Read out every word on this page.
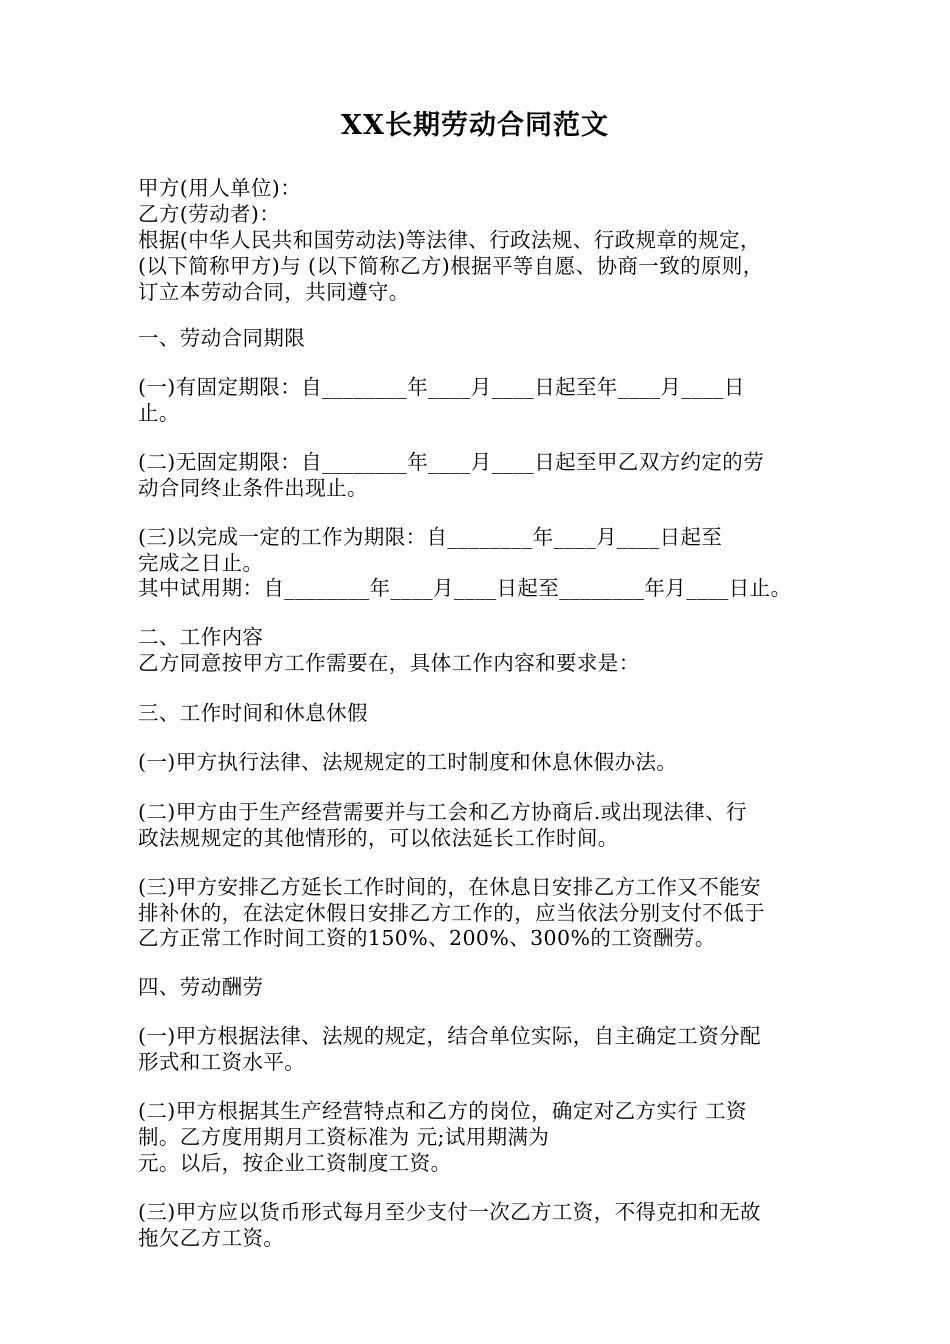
XX长期劳动合同范文
甲方(用人单位)：
乙方(劳动者)：
根据(中华人民共和国劳动法)等法律、行政法规、行政规章的规定，
(以下简称甲方)与 (以下简称乙方)根据平等自愿、协商一致的原则，
订立本劳动合同，共同遵守。
一、劳动合同期限
(一)有固定期限：自________年____月____日起至年____月____日
止。
(二)无固定期限：自________年____月____日起至甲乙双方约定的劳
动合同终止条件出现止。
(三)以完成一定的工作为期限：自________年____月____日起至
完成之日止。
其中试用期：自________年____月____日起至________年月____日止。
二、工作内容
乙方同意按甲方工作需要在，具体工作内容和要求是：
三、工作时间和休息休假
(一)甲方执行法律、法规规定的工时制度和休息休假办法。
(二)甲方由于生产经营需要并与工会和乙方协商后.或出现法律、行
政法规规定的其他情形的，可以依法延长工作时间。
(三)甲方安排乙方延长工作时间的，在休息日安排乙方工作又不能安
排补休的，在法定休假日安排乙方工作的，应当依法分别支付不低于
乙方正常工作时间工资的150%、200%、300%的工资酬劳。
四、劳动酬劳
(一)甲方根据法律、法规的规定，结合单位实际，自主确定工资分配
形式和工资水平。
(二)甲方根据其生产经营特点和乙方的岗位，确定对乙方实行 工资
制。乙方度用期月工资标准为 元;试用期满为
元。以后，按企业工资制度工资。
(三)甲方应以货币形式每月至少支付一次乙方工资，不得克扣和无故
拖欠乙方工资。
